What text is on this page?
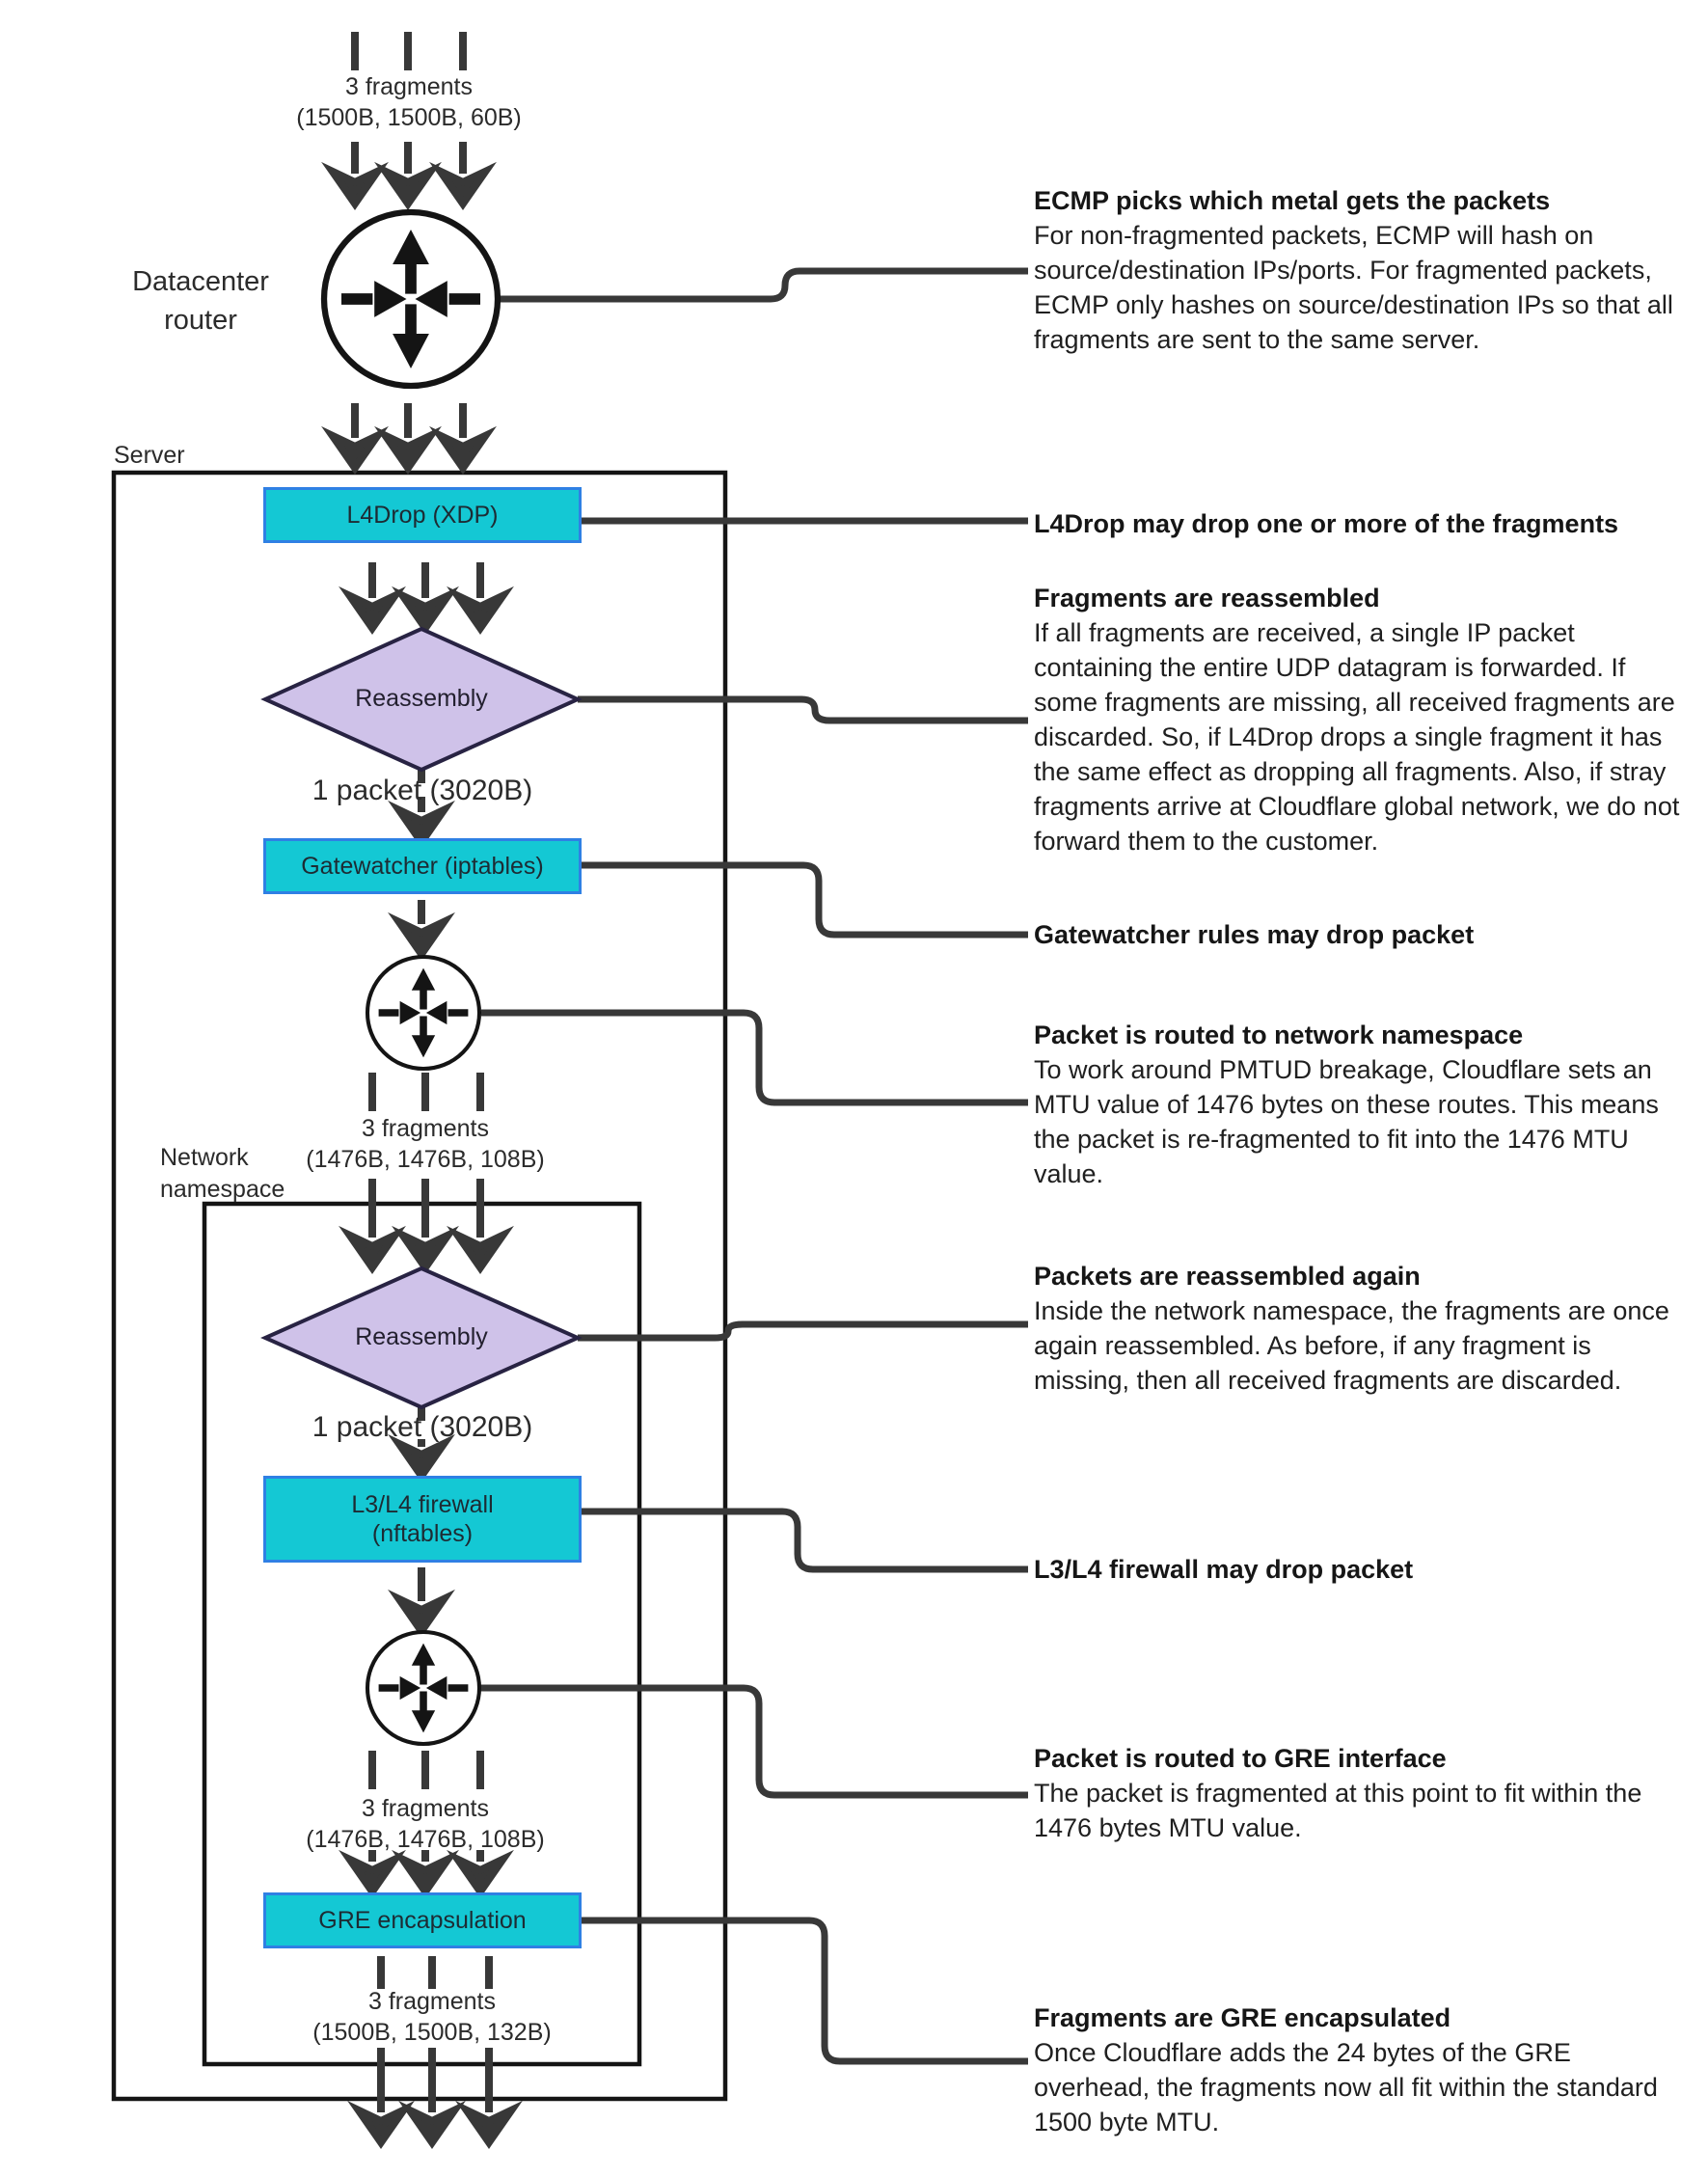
3 fragments
(1500B, 1500B, 60B)
3 fragments
(1476B, 1476B, 108B)
3 fragments
(1476B, 1476B, 108B)
3 fragments
(1500B, 1500B, 132B)
1 packet (3020B)
1 packet (3020B)
Datacenter router
Server
Network namespace
L4Drop (XDP)
Gatewatcher (iptables)
L3/L4 firewall
(nftables)
GRE encapsulation
Reassembly
Reassembly
ECMP picks which metal gets the packets

For non-fragmented packets, ECMP will hash on source/destination IPs/ports. For fragmented packets, ECMP only hashes on source/destination IPs so that all fragments are sent to the same server.

L4Drop may drop one or more of the fragments
Fragments are reassembled

If all fragments are received, a single IP packet containing the entire UDP datagram is forwarded. If some fragments are missing, all received fragments are discarded. So, if L4Drop drops a single fragment it has the same effect as dropping all fragments. Also, if stray fragments arrive at Cloudflare global network, we do not forward them to the customer.

Gatewatcher rules may drop packet
Packet is routed to network namespace

To work around PMTUD breakage, Cloudflare sets an MTU value of 1476 bytes on these routes. This means the packet is re-fragmented to fit into the 1476 MTU value.

Packets are reassembled again

Inside the network namespace, the fragments are once again reassembled. As before, if any fragment is missing, then all received fragments are discarded.

L3/L4 firewall may drop packet
Packet is routed to GRE interface

The packet is fragmented at this point to fit within the 1476 bytes MTU value.

Fragments are GRE encapsulated

Once Cloudflare adds the 24 bytes of the GRE overhead, the fragments now all fit within the standard 1500 byte MTU.
